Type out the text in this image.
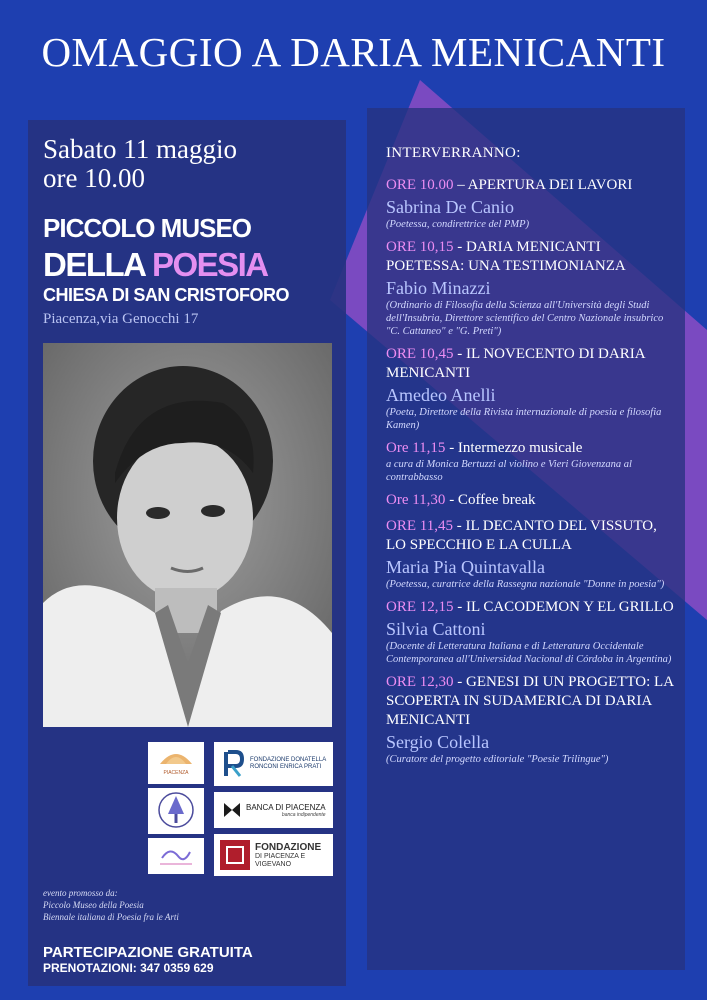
OMAGGIO A DARIA MENICANTI
Sabato 11 maggio
ore 10.00
PICCOLO MUSEO
DELLA POESIA
CHIESA DI SAN CRISTOFORO
Piacenza,via Genocchi 17
PIACENZA
FONDAZIONE DONATELLA RONCONI ENRICA PRATI
BANCA DI PIACENZA
banca indipendente
FONDAZIONE
DI PIACENZA E VIGEVANO
evento promosso da:
Piccolo Museo della Poesia
Biennale italiana di Poesia fra le Arti
PARTECIPAZIONE GRATUITA
PRENOTAZIONI: 347 0359 629
INTERVERRANNO:
ORE 10.00 – APERTURA DEI LAVORI
Sabrina De Canio
(Poetessa, condirettrice del PMP)
ORE 10,15 - DARIA MENICANTI POETESSA: UNA TESTIMONIANZA
Fabio Minazzi
(Ordinario di Filosofia della Scienza all'Università degli Studi dell'Insubria, Direttore scientifico del Centro Nazionale insubrico "C. Cattaneo" e "G. Preti")
ORE 10,45 - IL NOVECENTO DI DARIA MENICANTI
Amedeo Anelli
(Poeta, Direttore della Rivista internazionale di poesia e filosofia Kamen)
Ore 11,15 - Intermezzo musicale
a cura di Monica Bertuzzi al violino e Vieri Giovenzana al contrabbasso
Ore 11,30 - Coffee break
ORE 11,45 - IL DECANTO DEL VISSUTO, LO SPECCHIO E LA CULLA
Maria Pia Quintavalla
(Poetessa, curatrice della Rassegna nazionale "Donne in poesia")
ORE 12,15 - IL CACODEMON Y EL GRILLO
Silvia Cattoni
(Docente di Letteratura Italiana e di Letteratura Occidentale Contemporanea all'Universidad Nacional di Córdoba in Argentina)
ORE 12,30 - GENESI DI UN PROGETTO: LA SCOPERTA IN SUDAMERICA DI DARIA MENICANTI
Sergio Colella
(Curatore del progetto editoriale "Poesie Trilingue")
